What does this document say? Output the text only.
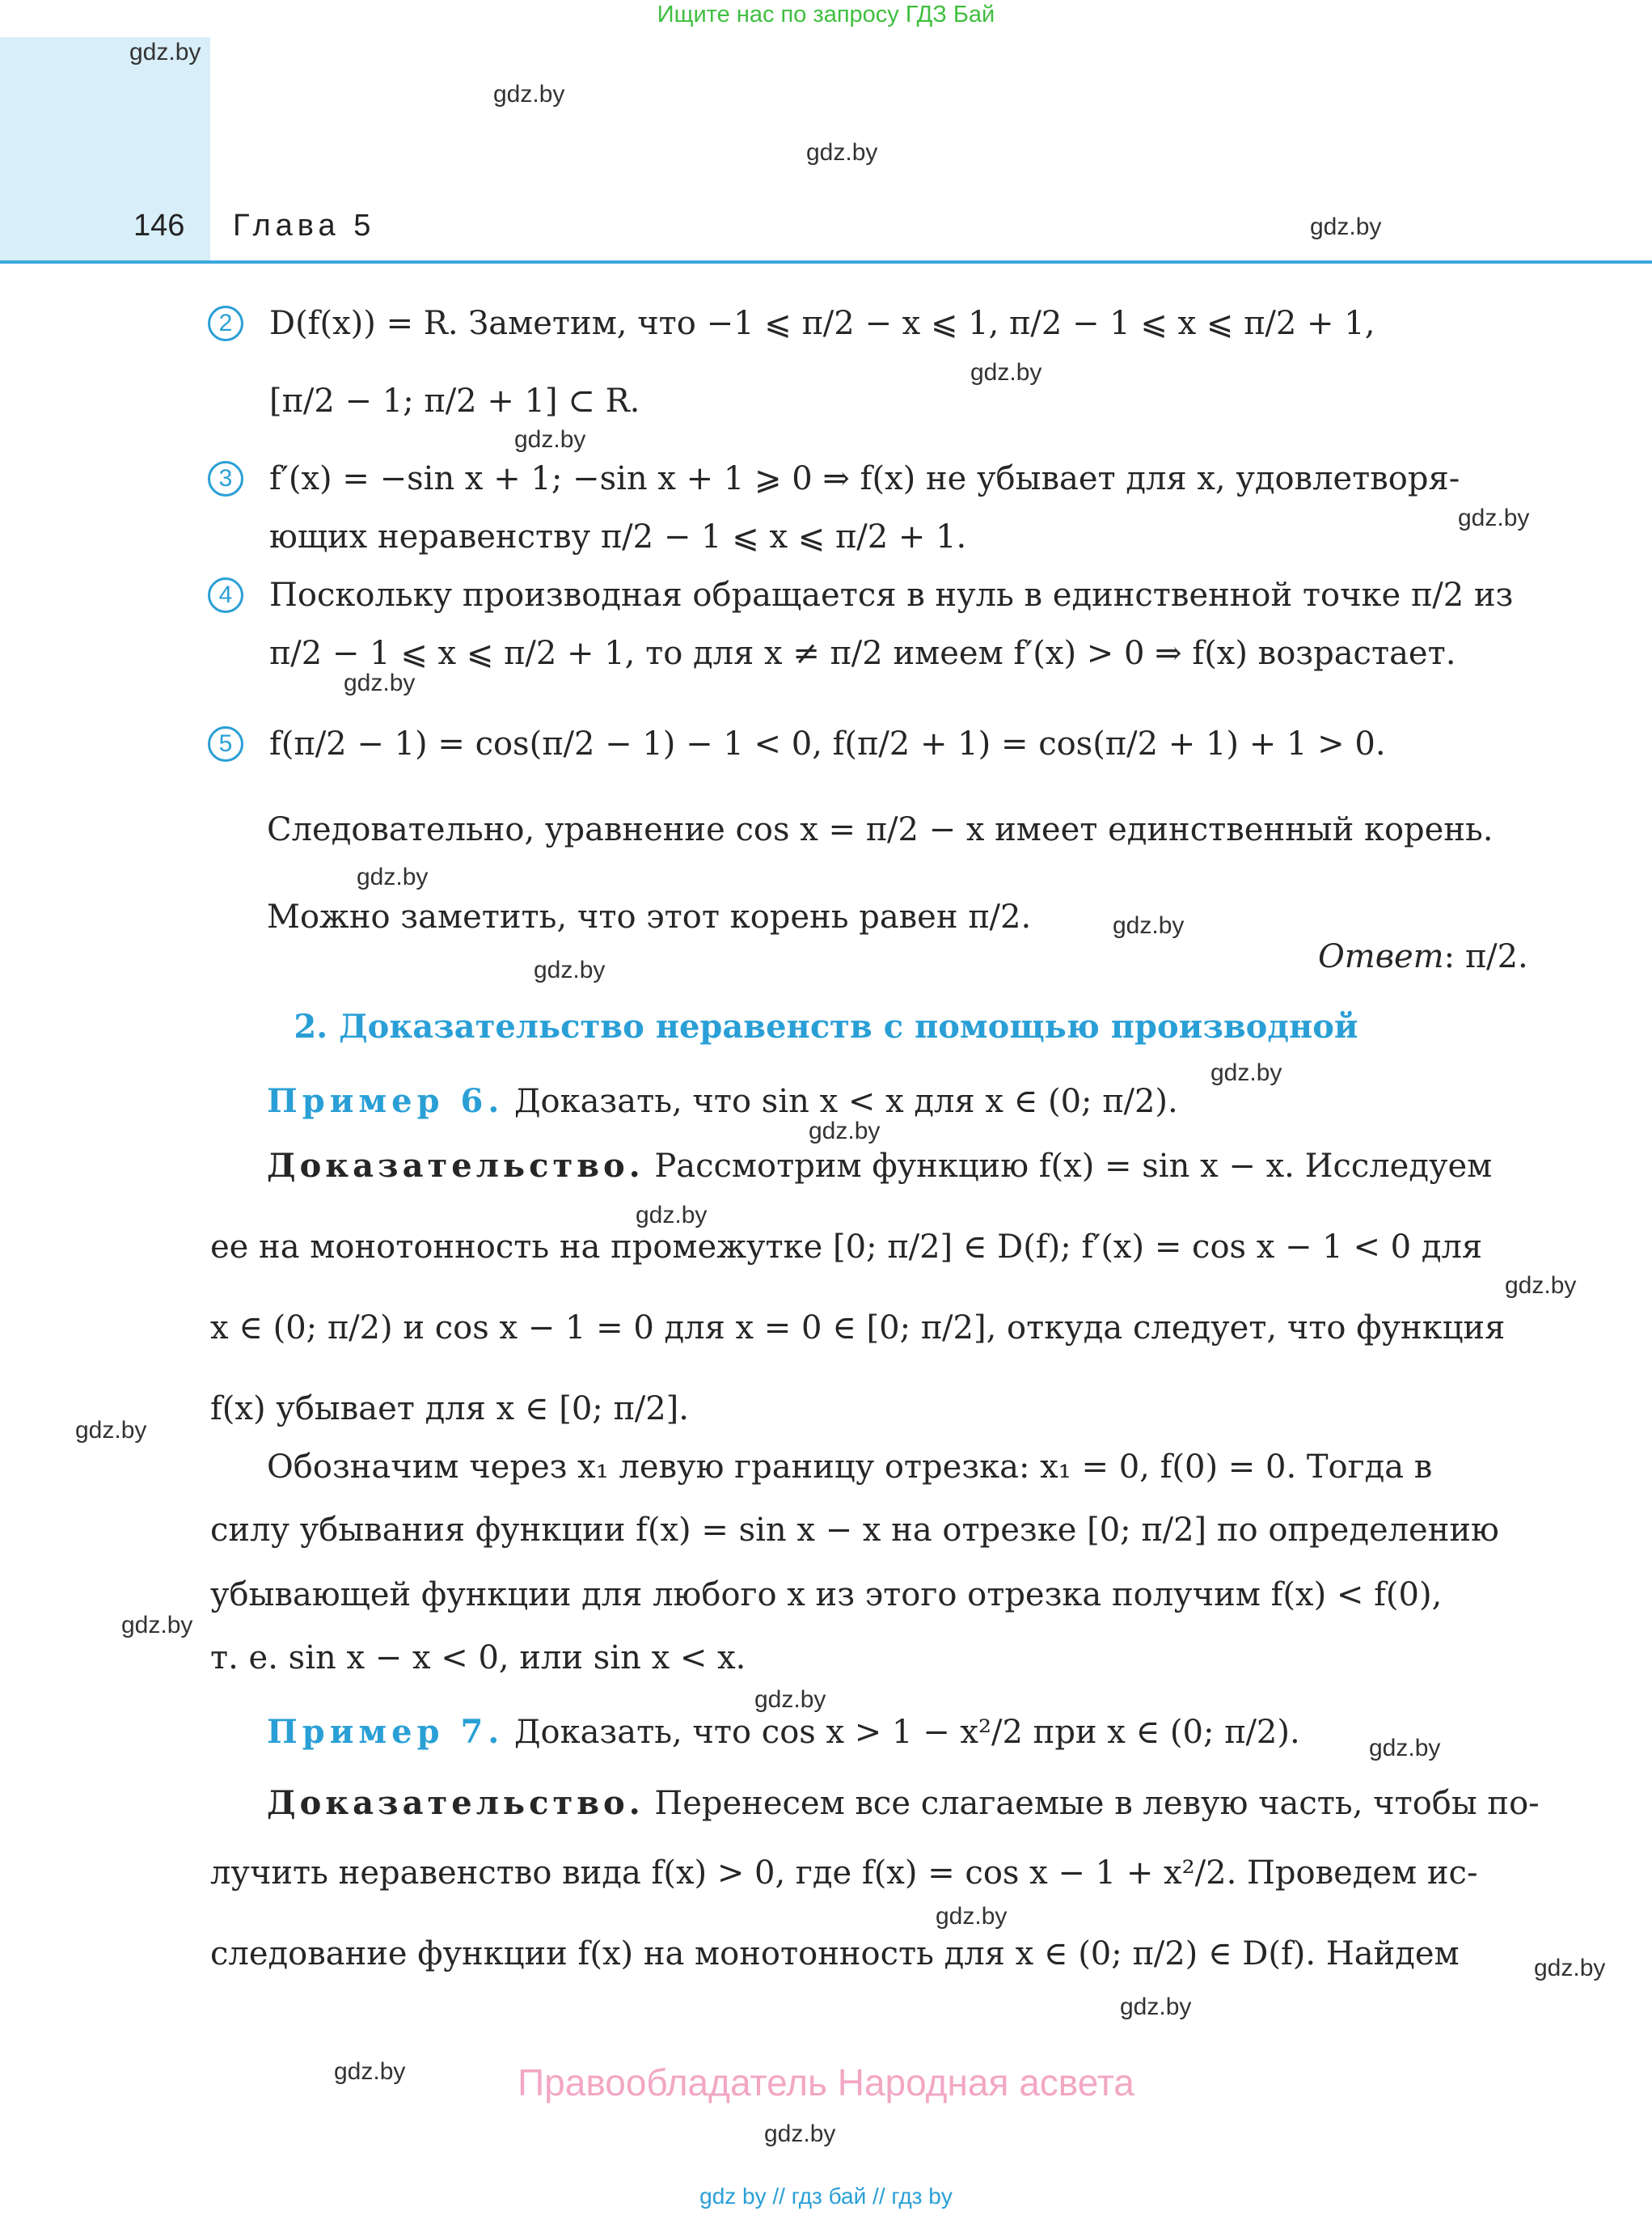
Ищите нас по запросу ГДЗ Бай
146 Глава 5
gdz.by
gdz.by
gdz.by
gdz.by
gdz.by
gdz.by
gdz.by
gdz.by
gdz.by
gdz.by
gdz.by
gdz.by
gdz.by
gdz.by
gdz.by
gdz.by
gdz.by
gdz.by
gdz.by
gdz.by
gdz.by
gdz.by
gdz.by
gdz.by
2	D(f(x)) = R. Заметим, что −1 ⩽ π/2 − x ⩽ 1, π/2 − 1 ⩽ x ⩽ π/2 + 1,
[π/2 − 1; π/2 + 1] ⊂ R.
3	f′(x) = −sin x + 1; −sin x + 1 ⩾ 0 ⇒ f(x) не убывает для x, удовлетворя-
ющих неравенству π/2 − 1 ⩽ x ⩽ π/2 + 1.
4	Поскольку производная обращается в нуль в единственной точке π/2 из
π/2 − 1 ⩽ x ⩽ π/2 + 1, то для x ≠ π/2 имеем f′(x) > 0 ⇒ f(x) возрастает.
5	f(π/2 − 1) = cos(π/2 − 1) − 1 < 0, f(π/2 + 1) = cos(π/2 + 1) + 1 > 0.
Следовательно, уравнение cos x = π/2 − x имеет единственный корень.
Можно заметить, что этот корень равен π/2.
Ответ: π/2.
2. Доказательство неравенств с помощью производной
Пример 6. Доказать, что sin x < x для x ∈ (0; π/2).
Доказательство. Рассмотрим функцию f(x) = sin x − x. Исследуем
ее на монотонность на промежутке [0; π/2] ∈ D(f); f′(x) = cos x − 1 < 0 для
x ∈ (0; π/2) и cos x − 1 = 0 для x = 0 ∈ [0; π/2], откуда следует, что функция
f(x) убывает для x ∈ [0; π/2].
Обозначим через x₁ левую границу отрезка: x₁ = 0, f(0) = 0. Тогда в
силу убывания функции f(x) = sin x − x на отрезке [0; π/2] по определению
убывающей функции для любого x из этого отрезка получим f(x) < f(0),
т. е. sin x − x < 0, или sin x < x.
Пример 7. Доказать, что cos x > 1 − x²/2 при x ∈ (0; π/2).
Доказательство. Перенесем все слагаемые в левую часть, чтобы по-
лучить неравенство вида f(x) > 0, где f(x) = cos x − 1 + x²/2. Проведем ис-
следование функции f(x) на монотонность для x ∈ (0; π/2) ∈ D(f). Найдем
Правообладатель Народная асвета
gdz by // гдз бай // гдз by
